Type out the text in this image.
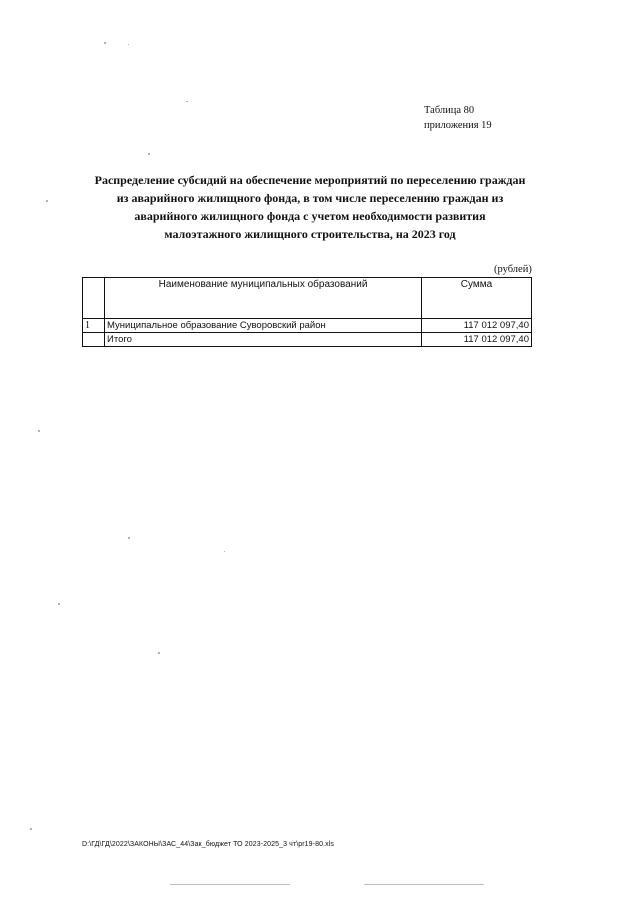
Таблица 80
приложения 19
Распределение субсидий на обеспечение мероприятий по переселению граждан
из аварийного жилищного фонда, в том числе переселению граждан из
аварийного жилищного фонда с учетом необходимости развития
малоэтажного жилищного строительства, на 2023 год
(рублей)
	Наименование муниципальных образований	Сумма
1	Муниципальное образование Суворовский район	117 012 097,40
	Итого	117 012 097,40
D:\ГД\ГД\2022\ЗАКОНЫ\ЗАС_44\Зак_бюджет ТО 2023-2025_3 чт\pr19-80.xls
